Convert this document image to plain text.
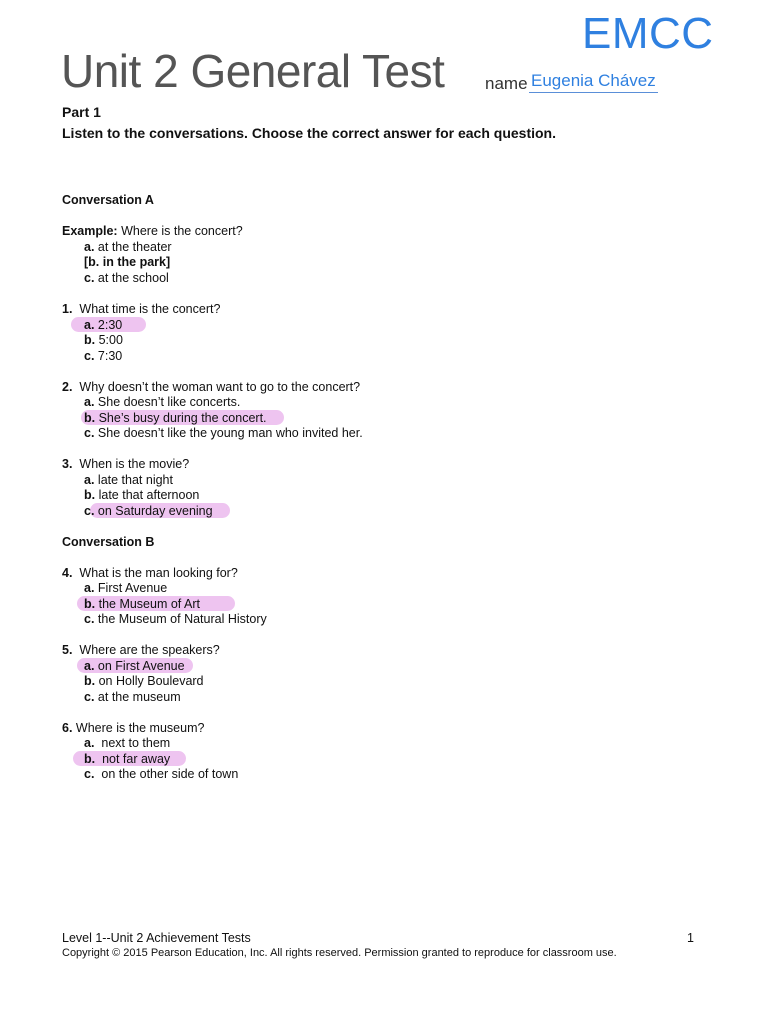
EMCC
Unit 2 General Test name Eugenia Chávez
Part 1
Listen to the conversations. Choose the correct answer for each question.
Conversation A
Example: Where is the concert?
a. at the theater
[b. in the park]
c. at the school
1. What time is the concert?
a. 2:30
b. 5:00
c. 7:30
2. Why doesn’t the woman want to go to the concert?
a. She doesn’t like concerts.
b. She’s busy during the concert.
c. She doesn’t like the young man who invited her.
3. When is the movie?
a. late that night
b. late that afternoon
c. on Saturday evening
Conversation B
4. What is the man looking for?
a. First Avenue
b. the Museum of Art
c. the Museum of Natural History
5. Where are the speakers?
a. on First Avenue
b. on Holly Boulevard
c. at the museum
6. Where is the museum?
a. next to them
b. not far away
c. on the other side of town
Level 1--Unit 2 Achievement Tests	1
Copyright © 2015 Pearson Education, Inc. All rights reserved. Permission granted to reproduce for classroom use.
